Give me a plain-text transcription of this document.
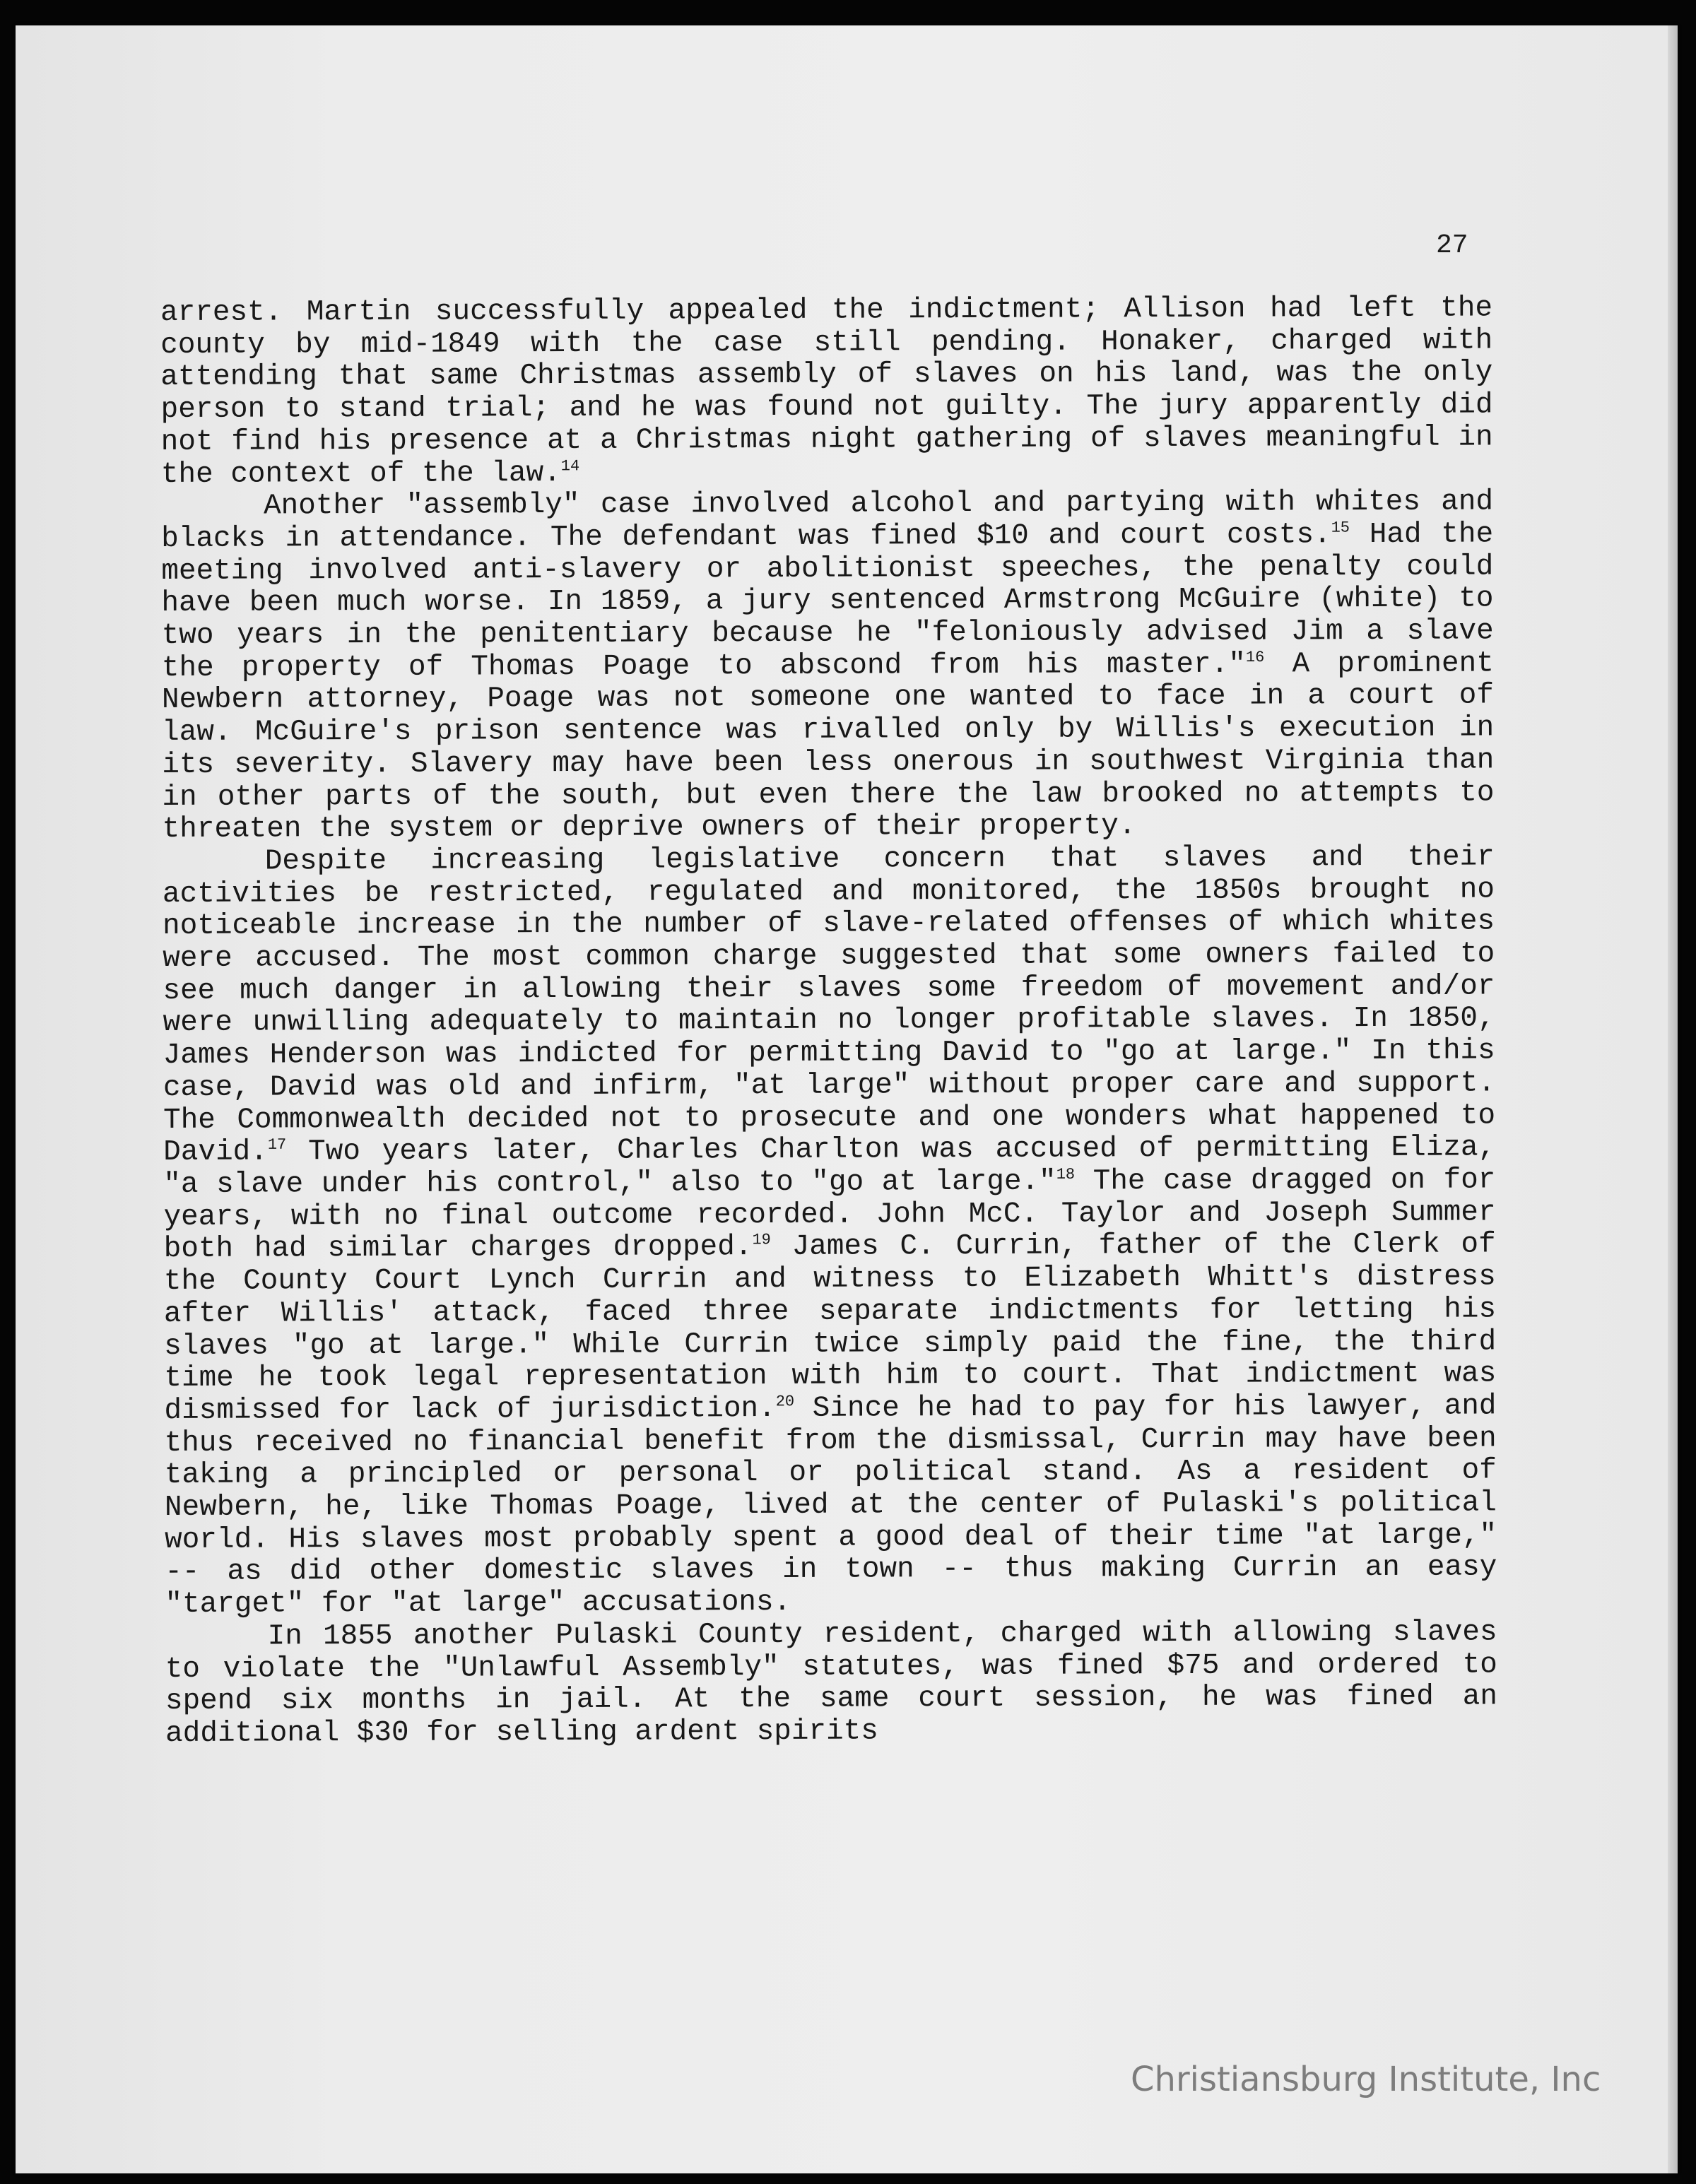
27

arrest. Martin successfully appealed the indictment; Allison had left the county by mid-1849 with the case still pending. Honaker, charged with attending that same Christmas assembly of slaves on his land, was the only person to stand trial; and he was found not guilty. The jury apparently did not find his presence at a Christmas night gathering of slaves meaningful in the context of the law.$^{14}$

Another "assembly" case involved alcohol and partying with whites and blacks in attendance. The defendant was fined $10 and court costs.$^{15}$ Had the meeting involved anti-slavery or abolitionist speeches, the penalty could have been much worse. In 1859, a jury sentenced Armstrong McGuire (white) to two years in the penitentiary because he "feloniously advised Jim a slave the property of Thomas Poage to abscond from his master."$^{16}$ A prominent Newbern attorney, Poage was not someone one wanted to face in a court of law. McGuire's prison sentence was rivalled only by Willis's execution in its severity. Slavery may have been less onerous in southwest Virginia than in other parts of the south, but even there the law brooked no attempts to threaten the system or deprive owners of their property.

Despite increasing legislative concern that slaves and their activities be restricted, regulated and monitored, the 1850s brought no noticeable increase in the number of slave-related offenses of which whites were accused. The most common charge suggested that some owners failed to see much danger in allowing their slaves some freedom of movement and/or were unwilling adequately to maintain no longer profitable slaves. In 1850, James Henderson was indicted for permitting David to "go at large." In this case, David was old and infirm, "at large" without proper care and support. The Commonwealth decided not to prosecute and one wonders what happened to David.$^{17}$ Two years later, Charles Charlton was accused of permitting Eliza, "a slave under his control," also to "go at large."$^{18}$ The case dragged on for years, with no final outcome recorded. John McC. Taylor and Joseph Summer both had similar charges dropped.$^{19}$ James C. Currin, father of the Clerk of the County Court Lynch Currin and witness to Elizabeth Whitt's distress after Willis' attack, faced three separate indictments for letting his slaves "go at large." While Currin twice simply paid the fine, the third time he took legal representation with him to court. That indictment was dismissed for lack of jurisdiction.$^{20}$ Since he had to pay for his lawyer, and thus received no financial benefit from the dismissal, Currin may have been taking a principled or personal or political stand. As a resident of Newbern, he, like Thomas Poage, lived at the center of Pulaski's political world. His slaves most probably spent a good deal of their time "at large," -- as did other domestic slaves in town -- thus making Currin an easy "target" for "at large" accusations.

In 1855 another Pulaski County resident, charged with allowing slaves to violate the "Unlawful Assembly" statutes, was fined $75 and ordered to spend six months in jail. At the same court session, he was fined an additional $30 for selling ardent spirits

Christiansburg Institute, Inc
